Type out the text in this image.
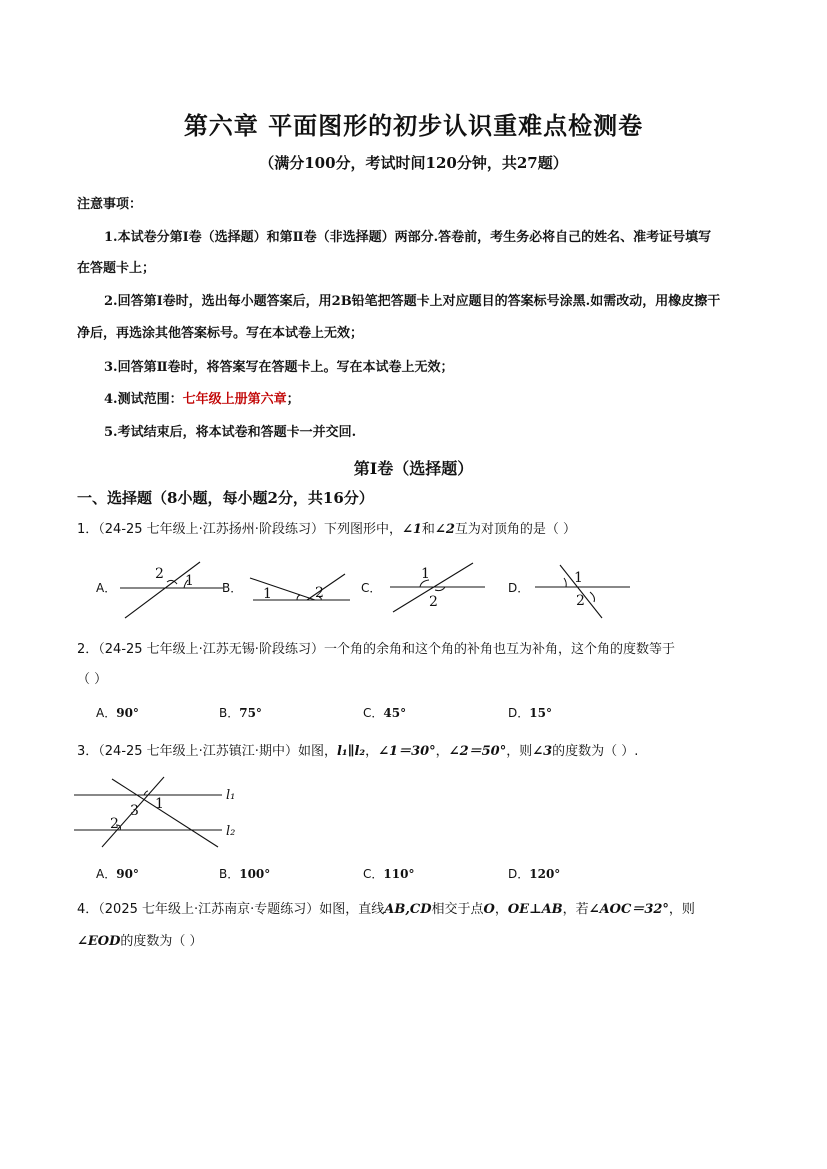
第六章 平面图形的初步认识重难点检测卷
（满分100分，考试时间120分钟，共27题）
注意事项：
1.本试卷分第Ⅰ卷（选择题）和第Ⅱ卷（非选择题）两部分.答卷前，考生务必将自己的姓名、准考证号填写
在答题卡上；
2.回答第Ⅰ卷时，选出每小题答案后，用2B铅笔把答题卡上对应题目的答案标号涂黑.如需改动，用橡皮擦干
净后，再选涂其他答案标号。写在本试卷上无效；
3.回答第Ⅱ卷时，将答案写在答题卡上。写在本试卷上无效；
4.测试范围：七年级上册第六章；
5.考试结束后，将本试卷和答题卡一并交回.
第Ⅰ卷（选择题）
一、选择题（8小题，每小题2分，共16分）
1．（24-25 七年级上·江苏扬州·阶段练习）下列图形中，∠1和∠2互为对顶角的是（ ）
A．	B．	C．	D．
2 1
1	2
1
2
1
2
2．（24-25 七年级上·江苏无锡·阶段练习）一个角的余角和这个角的补角也互为补角，这个角的度数等于
（ ）
A．90°	B．75°	C．45°	D．15°
3．（24-25 七年级上·江苏镇江·期中）如图，l₁∥l₂，∠1＝30°，∠2＝50°，则∠3的度数为（ ）.
1
2
3
l₁
l₂
A．90°	B．100°	C．110°	D．120°
4．（2025 七年级上·江苏南京·专题练习）如图，直线AB,CD相交于点O，OE⊥AB，若∠AOC＝32°，则
∠EOD的度数为（ ）
